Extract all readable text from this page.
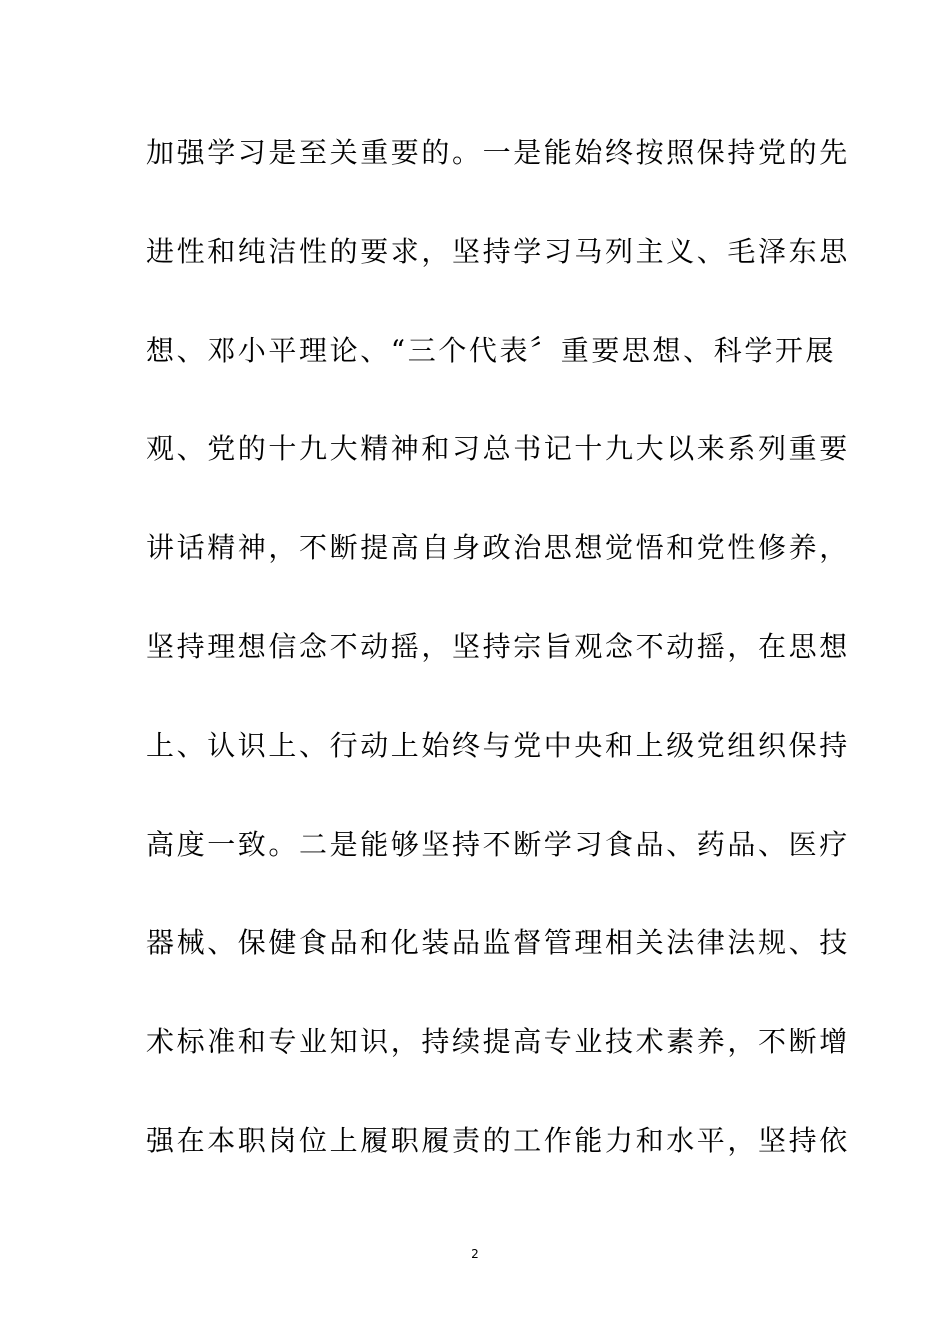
加强学习是至关重要的。一是能始终按照保持党的先
进性和纯洁性的要求，坚持学习马列主义、毛泽东思
想、邓小平理论、“三个代表〞重要思想、科学开展
观、党的十九大精神和习总书记十九大以来系列重要
讲话精神，不断提高自身政治思想觉悟和党性修养，
坚持理想信念不动摇，坚持宗旨观念不动摇，在思想
上、认识上、行动上始终与党中央和上级党组织保持
高度一致。二是能够坚持不断学习食品、药品、医疗
器械、保健食品和化装品监督管理相关法律法规、技
术标准和专业知识，持续提高专业技术素养，不断增
强在本职岗位上履职履责的工作能力和水平，坚持依
2
